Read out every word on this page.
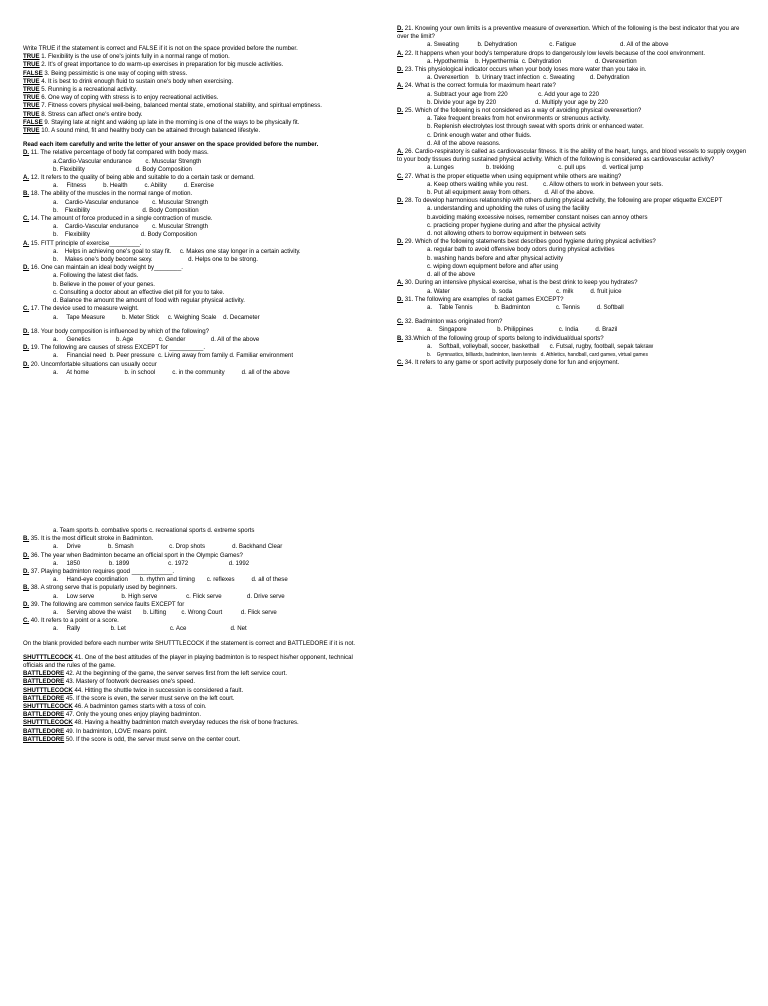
Write TRUE if the statement is correct and FALSE if it is not on the space provided before the number.
TRUE 1. Flexibility is the use of one's joints fully in a normal range of motion.
TRUE 2. It's of great importance to do warm-up exercises in preparation for big muscle activities.
FALSE 3. Being pessimistic is one way of coping with stress.
TRUE 4. It is best to drink enough fluid to sustain one's body when exercising.
TRUE 5. Running is a recreational activity.
TRUE 6. One way of coping with stress is to enjoy recreational activities.
TRUE 7. Fitness covers physical well-being, balanced mental state, emotional stability, and spiritual emptiness.
TRUE 8. Stress can affect one's entire body.
FALSE 9. Staying late at night and waking up late in the morning is one of the ways to be physically fit.
TRUE 10. A sound mind, fit and healthy body can be attained through balanced lifestyle.
Read each item carefully and write the letter of your answer on the space provided before the number.
D. 11. The relative percentage of body fat compared with body mass.
a.Cardio-Vascular endurance        c. Muscular Strength
b. Flexibility                              d. Body Composition
A. 12. It refers to the quality of being able and suitable to do a certain task or demand.
a.     Fitness          b. Health          c. Ability          d. Exercise
B. 18. The ability of the muscles in the normal range of motion.
a.    Cardio-Vascular endurance        c. Muscular Strength
b.    Flexibility                               d. Body Composition
C. 14. The amount of force produced in a single contraction of muscle.
a.    Cardio-Vascular endurance        c. Muscular Strength
b.    Flexibility                              d. Body Composition
A. 15. FITT principle of exercise_________.
a.    Helps in achieving one's goal to stay fit.     c. Makes one stay longer in a certain activity.
b.    Makes one's body become sexy.                     d. Helps one to be strong.
D. 16. One can maintain an ideal body weight by________.
a. Following the latest diet fads.
b. Believe in the power of your genes.
c. Consulting a doctor about an effective diet pill for you to take.
d. Balance the amount the amount of food with regular physical activity.
C. 17. The device used to measure weight.
a.     Tape Measure          b. Meter Stick     c. Weighing Scale    d. Decameter
D. 18. Your body composition is influenced by which of the following?
a.     Genetics               b. Age               c. Gender               d. All of the above
D. 19. The following are causes of stress EXCEPT for __________.
a.     Financial need  b. Peer pressure  c. Living away from family d. Familiar environment
D. 20. Uncomfortable situations can usually occur
a.     At home                     b. in school          c. in the community          d. all of the above
D. 21. Knowing your own limits is a preventive measure of overexertion. Which of the following is the best indicator that you are over the limit?
a. Sweating           b. Dehydration                   c. Fatigue                          d. All of the above
A. 22. It happens when your body's temperature drops to dangerously low levels because of the cool environment.
a. Hypothermia    b. Hyperthermia  c. Dehydration                    d. Overexertion
D. 23. This physiological indicator occurs when your body loses more water than you take in.
a. Overexertion    b. Urinary tract infection  c. Sweating         d. Dehydration
A. 24. What is the correct formula for maximum heart rate?
a. Subtract your age from 220                  c. Add your age to 220
b. Divide your age by 220                       d. Multiply your age by 220
D. 25. Which of the following is not considered as a way of avoiding physical overexertion?
a. Take frequent breaks from hot environments or strenuous activity.
b. Replenish electrolytes lost through sweat with sports drink or enhanced water.
c. Drink enough water and other fluids.
d. All of the above reasons.
A. 26. Cardio-respiratory is called as cardiovascular fitness. It is the ability of the heart, lungs, and blood vessels to supply oxygen to your body tissues during sustained physical activity. Which of the following is considered as cardiovascular activity?
a. Lunges                   b. trekking                          c. pull ups          d. vertical jump
C. 27. What is the proper etiquette when using equipment while others are waiting?
a. Keep others waiting while you rest.         c. Allow others to work in between your sets.
b. Put all equipment away from others.        d. All of the above.
D. 28. To develop harmonious relationship with others during physical activity, the following are proper etiquette EXCEPT
a. understanding and upholding the rules of using the facility
b.avoiding making excessive noises, remember constant noises can annoy others
c. practicing proper hygiene during and after the physical activity
d. not allowing others to borrow equipment in between sets
D. 29. Which of the following statements best describes good hygiene during physical activities?
a. regular bath to avoid offensive body odors during physical activities
b. washing hands before and after physical activity
c. wiping down equipment before and after using
d. all of the above
A. 30. During an intensive physical exercise, what is the best drink to keep you hydrates?
a. Water                         b. soda                          c. milk          d. fruit juice
D. 31. The following are examples of racket games EXCEPT?
a.    Table Tennis             b. Badminton               c. Tennis          d. Softball
C. 32. Badminton was originated from?
a.    Singapore                  b. Philippines               c. India          d. Brazil
B. 33.Which of the following group of sports belong to individual/dual sports?
a.    Softball, volleyball, soccer, basketball      c. Futsal, rugby, football, sepak takraw
b.    Gymnastics, billiards, badminton, lawn tennis   d. Athletics, handball, card games, virtual games
C. 34. It refers to any game or sport activity purposely done for fun and enjoyment.
a. Team sports b. combative sports c. recreational sports d. extreme sports
B. 35. It is the most difficult stroke in Badminton.
a.     Drive                b. Smash                     c. Drop shots                d. Backhand Clear
D. 36. The year when Badminton became an official sport in the Olympic Games?
a.     1850                 b. 1899                       c. 1972                        d. 1992
D. 37. Playing badminton requires good ____________.
a.     Hand-eye coordination       b. rhythm and timing       c. reflexes          d. all of these
B. 38. A strong serve that is popularly used by beginners.
a.     Low serve                b. High serve                 c. Flick serve               d. Drive serve
D. 39. The following are common service faults EXCEPT for
a.     Serving above the waist       b. Lifting         c. Wrong Court           d. Flick serve
C. 40. It refers to a point or a score.
a.     Rally                  b. Let                          c. Ace                          d. Net
On the blank provided before each number write SHUTTTLECOCK if the statement is correct and BATTLEDORE if it is not.
SHUTTTLECOCK 41. One of the best attitudes of the player in playing badminton is to respect his/her opponent, technical officials and the rules of the game.
BATTLEDORE 42. At the beginning of the game, the server serves first from the left service court.
BATTLEDORE 43. Mastery of footwork decreases one's speed.
SHUTTTLECOCK 44. Hitting the shuttle twice in succession is considered a fault.
BATTLEDORE 45. If the score is even, the server must serve on the left court.
SHUTTTLECOCK 46. A badminton games starts with a toss of coin.
BATTLEDORE 47. Only the young ones enjoy playing badminton.
SHUTTTLECOCK 48. Having a healthy badminton match everyday reduces the risk of bone fractures.
BATTLEDORE 49. In badminton, LOVE means point.
BATTLEDORE 50. If the score is odd, the server must serve on the center court.
